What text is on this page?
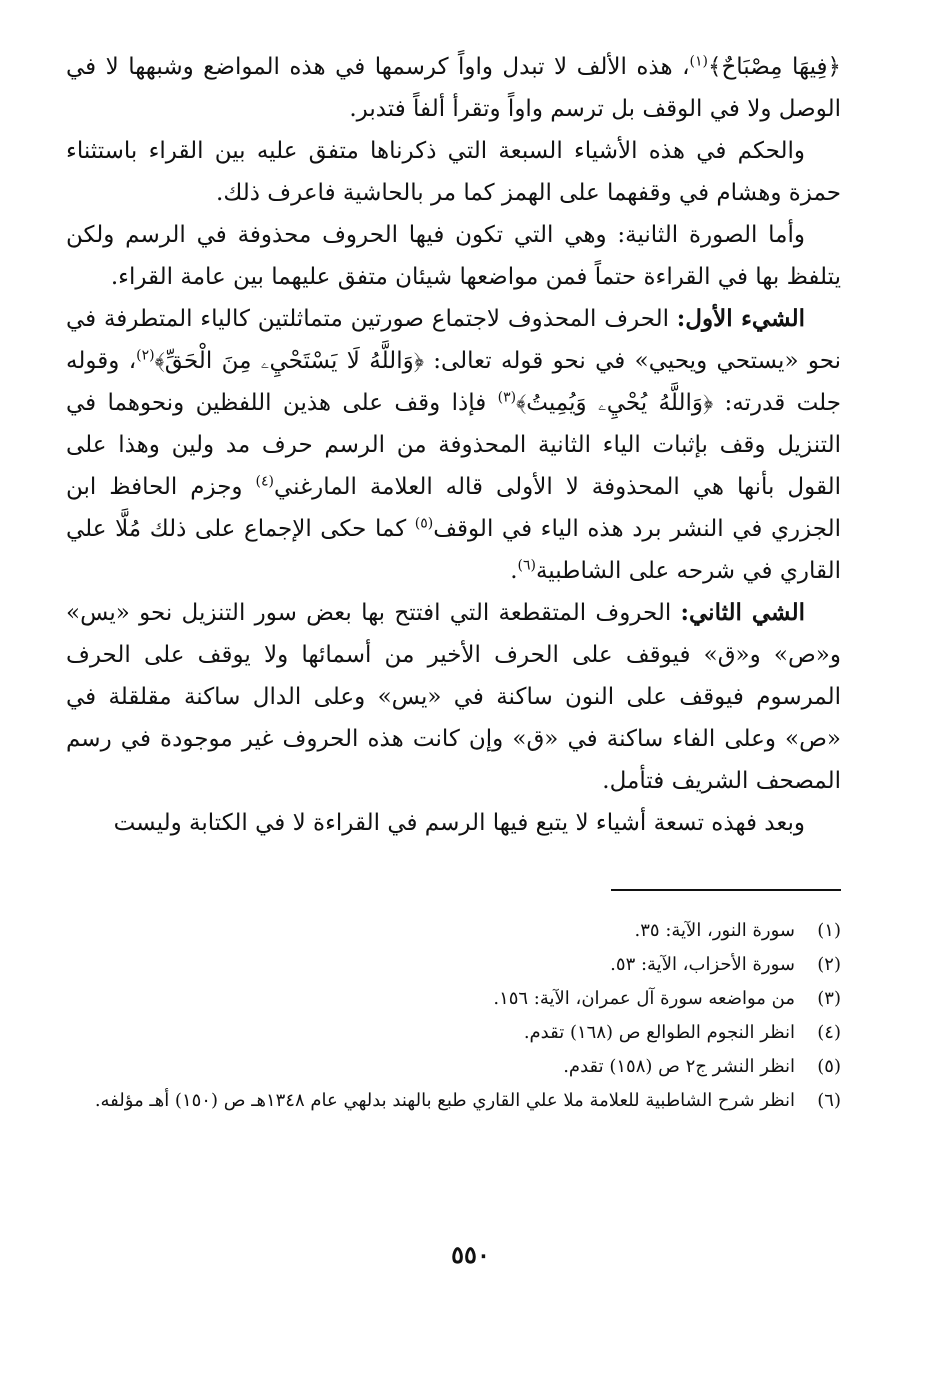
﴿فِيهَا مِصْبَاحٌ﴾$^{(١)}$، هذه الألف لا تبدل واواً كرسمها في هذه المواضع وشبهها لا في الوصل ولا في الوقف بل ترسم واواً وتقرأ ألفاً فتدبر.

والحكم في هذه الأشياء السبعة التي ذكرناها متفق عليه بين القراء باستثناء حمزة وهشام في وقفهما على الهمز كما مر بالحاشية فاعرف ذلك.

وأما الصورة الثانية: وهي التي تكون فيها الحروف محذوفة في الرسم ولكن يتلفظ بها في القراءة حتماً فمن مواضعها شيئان متفق عليهما بين عامة القراء.

الشيء الأول: الحرف المحذوف لاجتماع صورتين متماثلتين كالياء المتطرفة في نحو «يستحي ويحيي» في نحو قوله تعالى: ﴿وَاللَّهُ لَا يَسْتَحْيِۦ مِنَ الْحَقِّ﴾$^{(٢)}$، وقوله جلت قدرته: ﴿وَاللَّهُ يُحْيِۦ وَيُمِيتُ﴾$^{(٣)}$ فإذا وقف على هذين اللفظين ونحوهما في التنزيل وقف بإثبات الياء الثانية المحذوفة من الرسم حرف مد ولين وهذا على القول بأنها هي المحذوفة لا الأولى قاله العلامة المارغني$^{(٤)}$ وجزم الحافظ ابن الجزري في النشر برد هذه الياء في الوقف$^{(٥)}$ كما حكى الإجماع على ذلك مُلَّا علي القاري في شرحه على الشاطبية$^{(٦)}$.

الشي الثاني: الحروف المتقطعة التي افتتح بها بعض سور التنزيل نحو «يس» و«ص» و«ق» فيوقف على الحرف الأخير من أسمائها ولا يوقف على الحرف المرسوم فيوقف على النون ساكنة في «يس» وعلى الدال ساكنة مقلقلة في «ص» وعلى الفاء ساكنة في «ق» وإن كانت هذه الحروف غير موجودة في رسم المصحف الشريف فتأمل.

وبعد فهذه تسعة أشياء لا يتبع فيها الرسم في القراءة لا في الكتابة وليست

(١)
سورة النور، الآية: ٣٥.
(٢)
سورة الأحزاب، الآية: ٥٣.
(٣)
من مواضعه سورة آل عمران، الآية: ١٥٦.
(٤)
انظر النجوم الطوالع ص (١٦٨) تقدم.
(٥)
انظر النشر ج٢ ص (١٥٨) تقدم.
(٦)
انظر شرح الشاطبية للعلامة ملا علي القاري طبع بالهند بدلهي عام ١٣٤٨هـ ص (١٥٠) أهـ مؤلفه.
٥٥٠
